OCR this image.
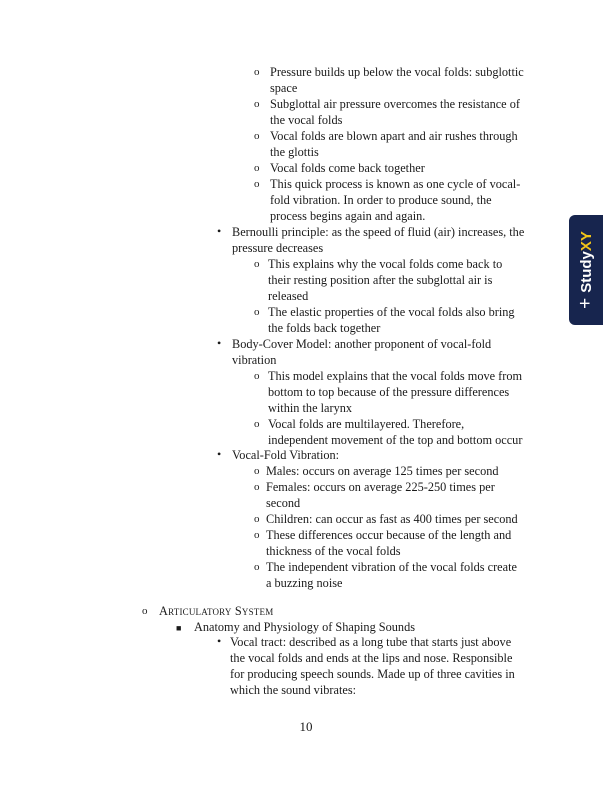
o Pressure builds up below the vocal folds: subglottic
space
o Subglottal air pressure overcomes the resistance of
the vocal folds
o Vocal folds are blown apart and air rushes through
the glottis
o Vocal folds come back together
o This quick process is known as one cycle of vocal-
fold vibration. In order to produce sound, the
process begins again and again.
• Bernoulli principle: as the speed of fluid (air) increases, the
pressure decreases
o This explains why the vocal folds come back to
their resting position after the subglottal air is
released
o The elastic properties of the vocal folds also bring
the folds back together
• Body-Cover Model: another proponent of vocal-fold
vibration
o This model explains that the vocal folds move from
bottom to top because of the pressure differences
within the larynx
o Vocal folds are multilayered. Therefore,
independent movement of the top and bottom occur
• Vocal-Fold Vibration:
o Males: occurs on average 125 times per second
o Females: occurs on average 225-250 times per
second
o Children: can occur as fast as 400 times per second
o These differences occur because of the length and
thickness of the vocal folds
o The independent vibration of the vocal folds create
a buzzing noise
o Articulatory System
■ Anatomy and Physiology of Shaping Sounds
• Vocal tract: described as a long tube that starts just above
the vocal folds and ends at the lips and nose. Responsible
for producing speech sounds. Made up of three cavities in
which the sound vibrates:
10
+
Study
XY
